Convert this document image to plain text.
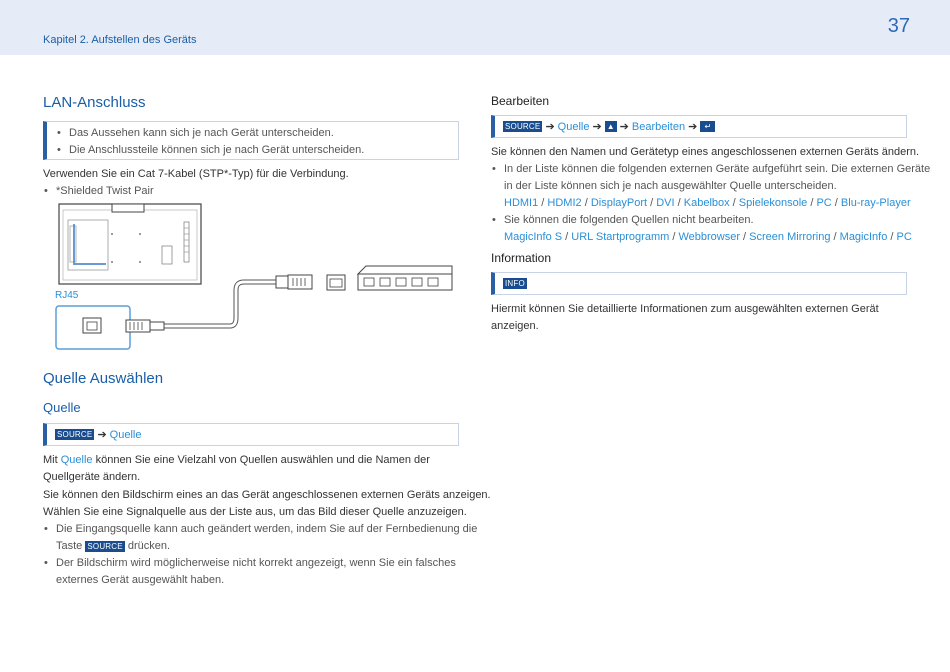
Kapitel 2. Aufstellen des Geräts
37
LAN-Anschluss
• Das Aussehen kann sich je nach Gerät unterscheiden.
• Die Anschlussteile können sich je nach Gerät unterscheiden.
Verwenden Sie ein Cat 7-Kabel (STP*-Typ) für die Verbindung.
• *Shielded Twist Pair
RJ45
Quelle Auswählen
Quelle
SOURCE ➔ Quelle
Mit Quelle können Sie eine Vielzahl von Quellen auswählen und die Namen der
Quellgeräte ändern.
Sie können den Bildschirm eines an das Gerät angeschlossenen externen Geräts anzeigen.
Wählen Sie eine Signalquelle aus der Liste aus, um das Bild dieser Quelle anzuzeigen.
• Die Eingangsquelle kann auch geändert werden, indem Sie auf der Fernbedienung die
Taste SOURCE drücken.
• Der Bildschirm wird möglicherweise nicht korrekt angezeigt, wenn Sie ein falsches
externes Gerät ausgewählt haben.
Bearbeiten
SOURCE ➔ Quelle ➔ ▲ ➔ Bearbeiten ➔ ↵
Sie können den Namen und Gerätetyp eines angeschlossenen externen Geräts ändern.
• In der Liste können die folgenden externen Geräte aufgeführt sein. Die externen Geräte
in der Liste können sich je nach ausgewählter Quelle unterscheiden.
HDMI1 / HDMI2 / DisplayPort / DVI / Kabelbox / Spielekonsole / PC / Blu-ray-Player
• Sie können die folgenden Quellen nicht bearbeiten.
MagicInfo S / URL Startprogramm / Webbrowser / Screen Mirroring / MagicInfo / PC
Information
INFO
Hiermit können Sie detaillierte Informationen zum ausgewählten externen Gerät
anzeigen.
